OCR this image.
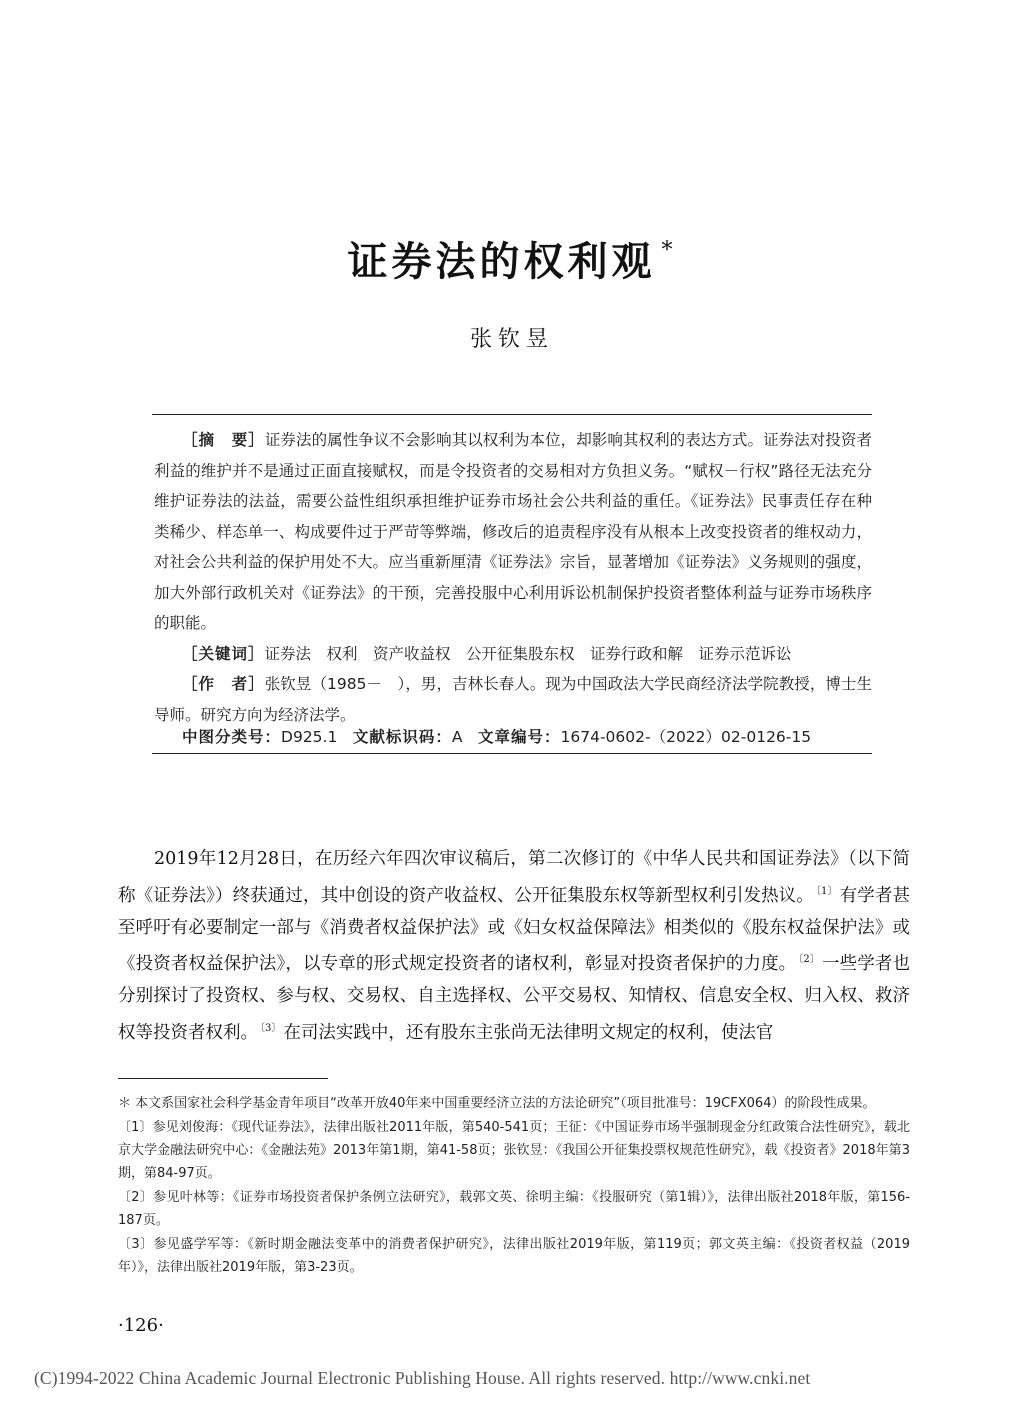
证券法的权利观 *
张钦昱
［摘　要］证券法的属性争议不会影响其以权利为本位，却影响其权利的表达方式。证券法对投资者利益的维护并不是通过正面直接赋权，而是令投资者的交易相对方负担义务。“赋权－行权”路径无法充分维护证券法的法益，需要公益性组织承担维护证券市场社会公共利益的重任。《证券法》民事责任存在种类稀少、样态单一、构成要件过于严苛等弊端，修改后的追责程序没有从根本上改变投资者的维权动力，对社会公共利益的保护用处不大。应当重新厘清《证券法》宗旨，显著增加《证券法》义务规则的强度，加大外部行政机关对《证券法》的干预，完善投服中心利用诉讼机制保护投资者整体利益与证券市场秩序的职能。
［关键词］证券法　权利　资产收益权　公开征集股东权　证券行政和解　证券示范诉讼
［作　者］张钦昱（1985－　），男，吉林长春人。现为中国政法大学民商经济法学院教授，博士生导师。研究方向为经济法学。
中图分类号：D925.1　 文献标识码：A　 文章编号：1674-0602-（2022）02-0126-15
2019年12月28日，在历经六年四次审议稿后，第二次修订的《中华人民共和国证券法》（以下简称《证券法》）终获通过，其中创设的资产收益权、公开征集股东权等新型权利引发热议。 $^{〔1〕}$ 有学者甚至呼吁有必要制定一部与《消费者权益保护法》或《妇女权益保障法》相类似的《股东权益保护法》或《投资者权益保护法》，以专章的形式规定投资者的诸权利，彰显对投资者保护的力度。 $^{〔2〕}$ 一些学者也分别探讨了投资权、参与权、交易权、自主选择权、公平交易权、知情权、信息安全权、归入权、救济权等投资者权利。 $^{〔3〕}$ 在司法实践中，还有股东主张尚无法律明文规定的权利，使法官

＊ 本文系国家社会科学基金青年项目“改革开放40年来中国重要经济立法的方法论研究”（项目批准号：19CFX064）的阶段性成果。

〔1〕参见刘俊海：《现代证券法》，法律出版社2011年版，第540-541页；王征：《中国证券市场半强制现金分红政策合法性研究》，载北京大学金融法研究中心：《金融法苑》2013年第1期，第41-58页；张钦昱：《我国公开征集投票权规范性研究》，载《投资者》2018年第3期，第84-97页。

〔2〕参见叶林等：《证券市场投资者保护条例立法研究》，载郭文英、徐明主编：《投服研究（第1辑）》，法律出版社2018年版，第156-187页。

〔3〕参见盛学军等：《新时期金融法变革中的消费者保护研究》，法律出版社2019年版，第119页；郭文英主编：《投资者权益（2019年）》，法律出版社2019年版，第3-23页。

·126·
(C)1994-2022 China Academic Journal Electronic Publishing House. All rights reserved. http://www.cnki.net
